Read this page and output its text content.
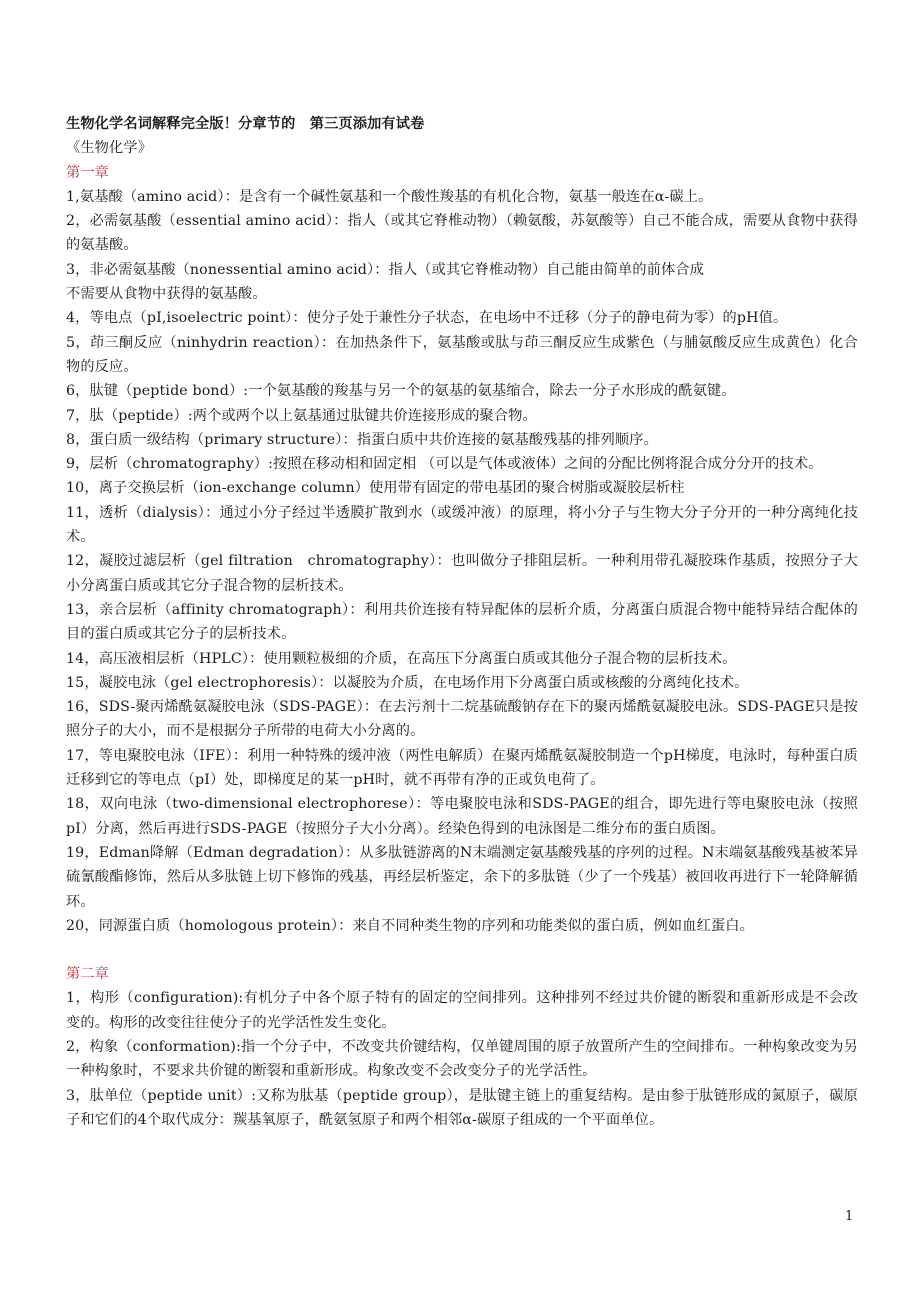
生物化学名词解释完全版！分章节的　第三页添加有试卷

《生物化学》

第一章

1,氨基酸（amino acid）：是含有一个碱性氨基和一个酸性羧基的有机化合物，氨基一般连在α-碳上。

2，必需氨基酸（essential amino acid）：指人（或其它脊椎动物）（赖氨酸，苏氨酸等）自己不能合成，需要从食物中获得的氨基酸。

3，非必需氨基酸（nonessential amino acid）：指人（或其它脊椎动物）自己能由简单的前体合成

不需要从食物中获得的氨基酸。

4，等电点（pI,isoelectric point）：使分子处于兼性分子状态，在电场中不迁移（分子的静电荷为零）的pH值。

5，茚三酮反应（ninhydrin reaction）：在加热条件下，氨基酸或肽与茚三酮反应生成紫色（与脯氨酸反应生成黄色）化合物的反应。

6，肽键（peptide bond）:一个氨基酸的羧基与另一个的氨基的氨基缩合，除去一分子水形成的酰氨键。

7，肽（peptide）:两个或两个以上氨基通过肽键共价连接形成的聚合物。

8，蛋白质一级结构（primary structure）：指蛋白质中共价连接的氨基酸残基的排列顺序。

9，层析（chromatography）:按照在移动相和固定相 （可以是气体或液体）之间的分配比例将混合成分分开的技术。

10，离子交换层析（ion-exchange column）使用带有固定的带电基团的聚合树脂或凝胶层析柱

11，透析（dialysis）：通过小分子经过半透膜扩散到水（或缓冲液）的原理，将小分子与生物大分子分开的一种分离纯化技术。

12，凝胶过滤层析（gel filtration　chromatography）：也叫做分子排阻层析。一种利用带孔凝胶珠作基质，按照分子大小分离蛋白质或其它分子混合物的层析技术。

13，亲合层析（affinity chromatograph）：利用共价连接有特异配体的层析介质，分离蛋白质混合物中能特异结合配体的目的蛋白质或其它分子的层析技术。

14，高压液相层析（HPLC）：使用颗粒极细的介质，在高压下分离蛋白质或其他分子混合物的层析技术。

15，凝胶电泳（gel electrophoresis）：以凝胶为介质，在电场作用下分离蛋白质或核酸的分离纯化技术。

16，SDS-聚丙烯酰氨凝胶电泳（SDS-PAGE）：在去污剂十二烷基硫酸钠存在下的聚丙烯酰氨凝胶电泳。SDS-PAGE只是按照分子的大小，而不是根据分子所带的电荷大小分离的。

17，等电聚胶电泳（IFE）：利用一种特殊的缓冲液（两性电解质）在聚丙烯酰氨凝胶制造一个pH梯度，电泳时，每种蛋白质迁移到它的等电点（pI）处，即梯度足的某一pH时，就不再带有净的正或负电荷了。

18，双向电泳（two-dimensional electrophorese）：等电聚胶电泳和SDS-PAGE的组合，即先进行等电聚胶电泳（按照pI）分离，然后再进行SDS-PAGE（按照分子大小分离）。经染色得到的电泳图是二维分布的蛋白质图。

19，Edman降解（Edman degradation）：从多肽链游离的N末端测定氨基酸残基的序列的过程。N末端氨基酸残基被苯异硫氰酸酯修饰，然后从多肽链上切下修饰的残基，再经层析鉴定，余下的多肽链（少了一个残基）被回收再进行下一轮降解循环。

20，同源蛋白质（homologous protein）：来自不同种类生物的序列和功能类似的蛋白质，例如血红蛋白。

第二章

1，构形（configuration):有机分子中各个原子特有的固定的空间排列。这种排列不经过共价键的断裂和重新形成是不会改变的。构形的改变往往使分子的光学活性发生变化。

2，构象（conformation):指一个分子中，不改变共价键结构，仅单键周围的原子放置所产生的空间排布。一种构象改变为另一种构象时，不要求共价键的断裂和重新形成。构象改变不会改变分子的光学活性。

3，肽单位（peptide unit）:又称为肽基（peptide group），是肽键主链上的重复结构。是由参于肽链形成的氮原子，碳原子和它们的4个取代成分：羰基氧原子，酰氨氢原子和两个相邻α-碳原子组成的一个平面单位。

1
